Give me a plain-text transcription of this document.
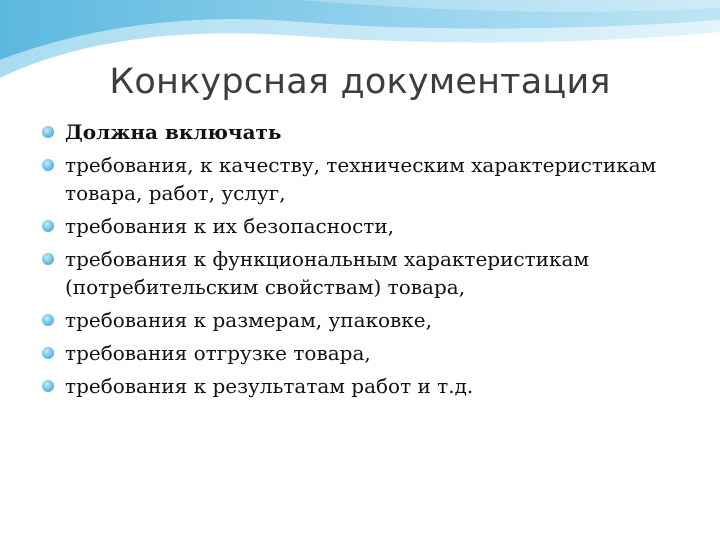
Конкурсная документация
Должна включать
требования, к качеству, техническим характеристикам товара, работ, услуг,
требования к их безопасности,
требования к функциональным характеристикам (потребительским свойствам) товара,
требования к размерам, упаковке,
требования отгрузке товара,
требования к результатам работ и т.д.
